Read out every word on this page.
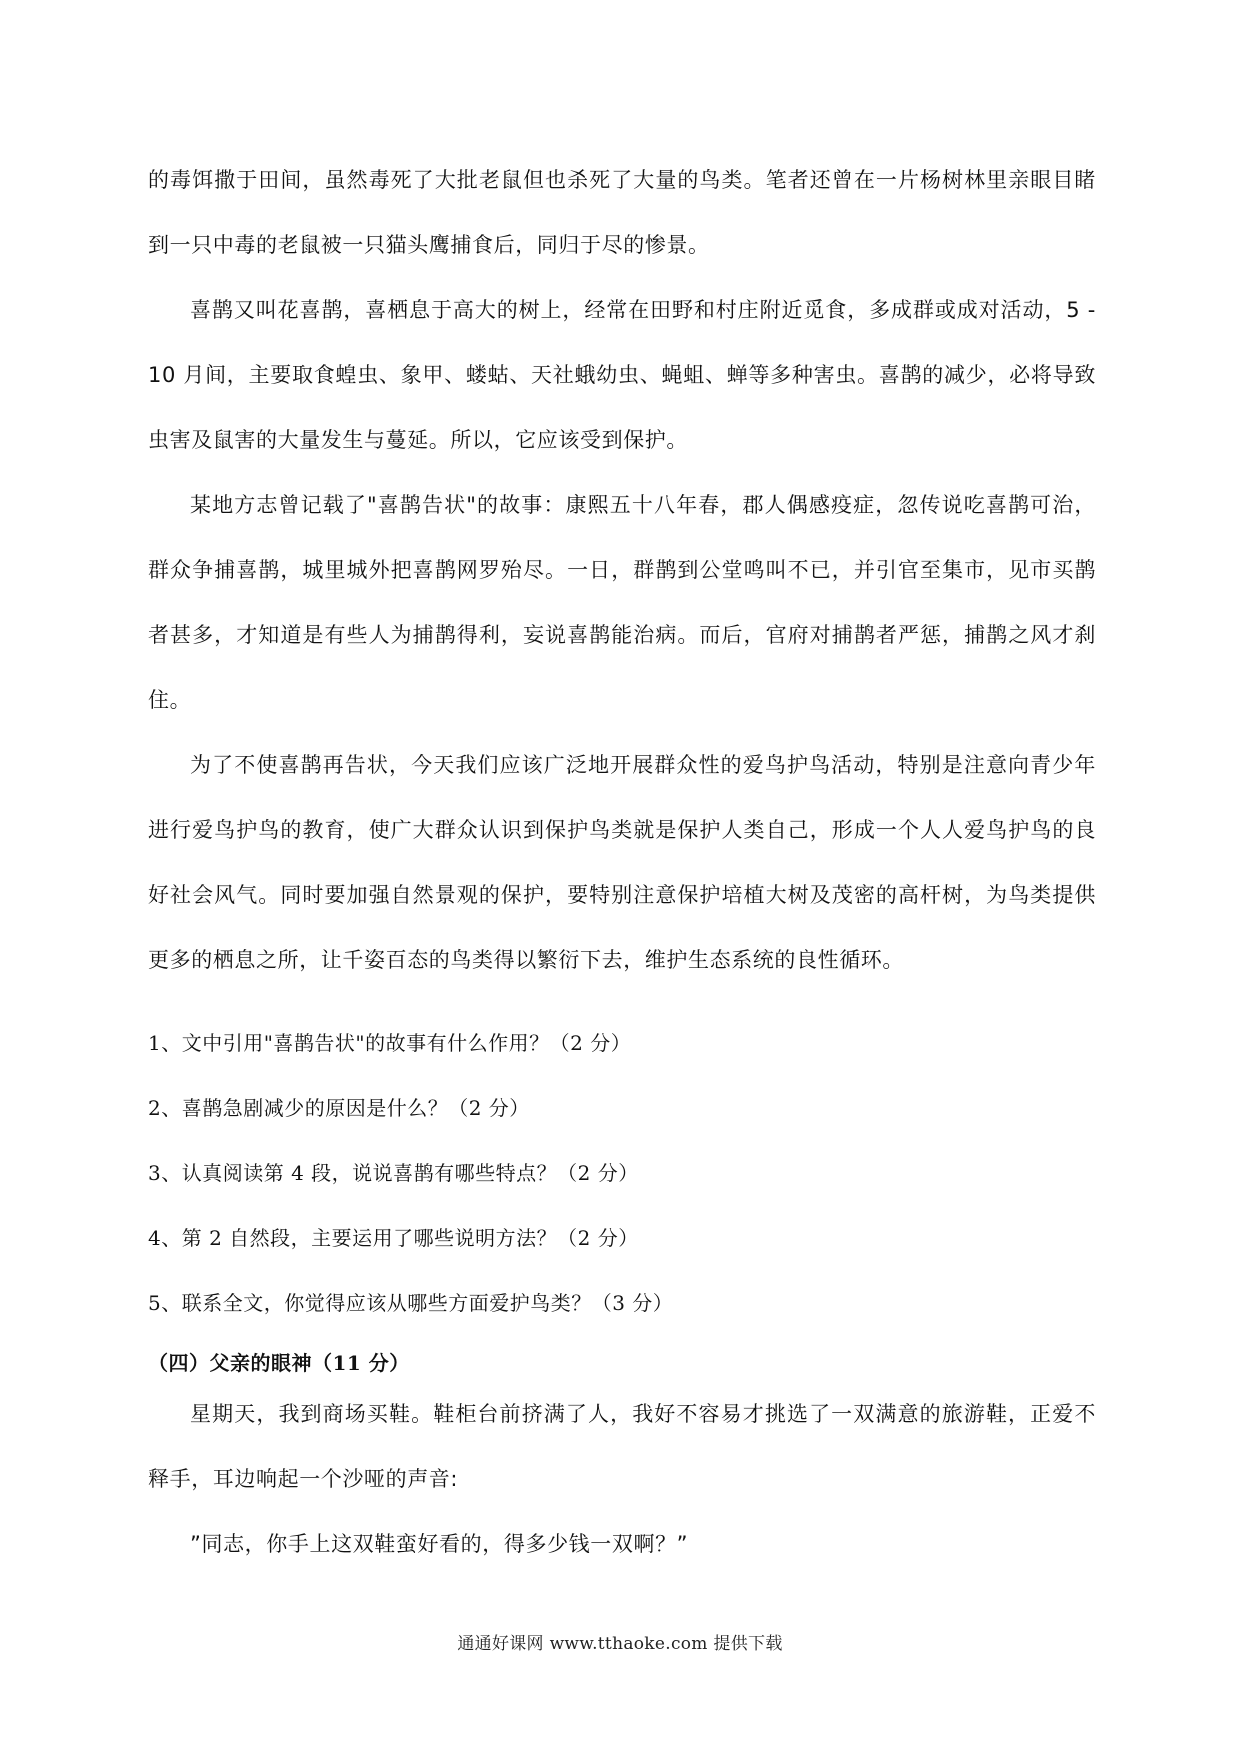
的毒饵撒于田间，虽然毒死了大批老鼠但也杀死了大量的鸟类。笔者还曾在一片杨树林里亲眼目睹到一只中毒的老鼠被一只猫头鹰捕食后，同归于尽的惨景。

喜鹊又叫花喜鹊，喜栖息于高大的树上，经常在田野和村庄附近觅食，多成群或成对活动，5 - 10 月间，主要取食蝗虫、象甲、蝼蛄、天社蛾幼虫、蝇蛆、蝉等多种害虫。喜鹊的减少，必将导致虫害及鼠害的大量发生与蔓延。所以，它应该受到保护。

某地方志曾记载了"喜鹊告状"的故事：康熙五十八年春，郡人偶感疫症，忽传说吃喜鹊可治，群众争捕喜鹊，城里城外把喜鹊网罗殆尽。一日，群鹊到公堂鸣叫不已，并引官至集市，见市买鹊者甚多，才知道是有些人为捕鹊得利，妄说喜鹊能治病。而后，官府对捕鹊者严惩，捕鹊之风才刹住。

为了不使喜鹊再告状，今天我们应该广泛地开展群众性的爱鸟护鸟活动，特别是注意向青少年进行爱鸟护鸟的教育，使广大群众认识到保护鸟类就是保护人类自己，形成一个人人爱鸟护鸟的良好社会风气。同时要加强自然景观的保护，要特别注意保护培植大树及茂密的高杆树，为鸟类提供更多的栖息之所，让千姿百态的鸟类得以繁衍下去，维护生态系统的良性循环。

1、文中引用"喜鹊告状"的故事有什么作用？（2 分）

2、喜鹊急剧减少的原因是什么？（2 分）

3、认真阅读第 4 段，说说喜鹊有哪些特点？（2 分）

4、第 2 自然段，主要运用了哪些说明方法？（2 分）

5、联系全文，你觉得应该从哪些方面爱护鸟类？（3 分）

（四）父亲的眼神（11 分）

星期天，我到商场买鞋。鞋柜台前挤满了人，我好不容易才挑选了一双满意的旅游鞋，正爱不释手，耳边响起一个沙哑的声音:

”同志，你手上这双鞋蛮好看的，得多少钱一双啊？”

通通好课网 www.tthaoke.com 提供下载
